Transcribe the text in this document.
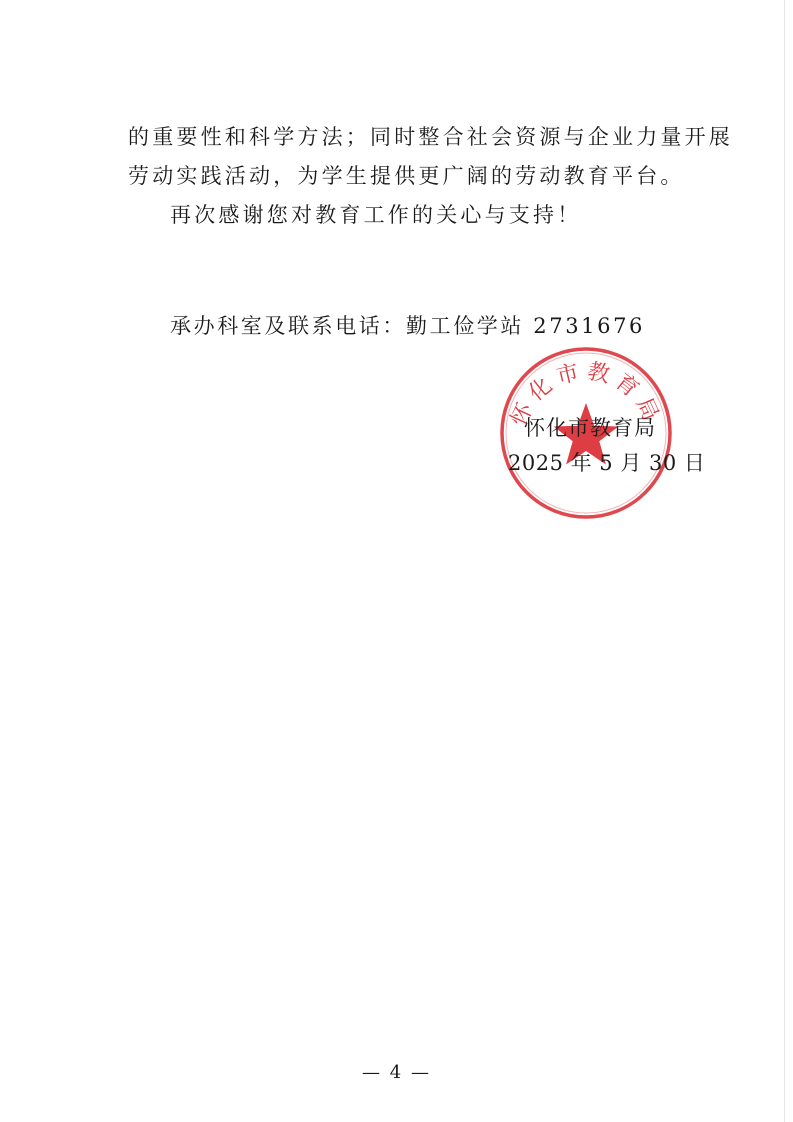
的重要性和科学方法；同时整合社会资源与企业力量开展
劳动实践活动，为学生提供更广阔的劳动教育平台。
再次感谢您对教育工作的关心与支持！
承办科室及联系电话：勤工俭学站 2731676
怀化市教育局
怀化市教育局
2025 年 5 月 30 日
— 4 —
